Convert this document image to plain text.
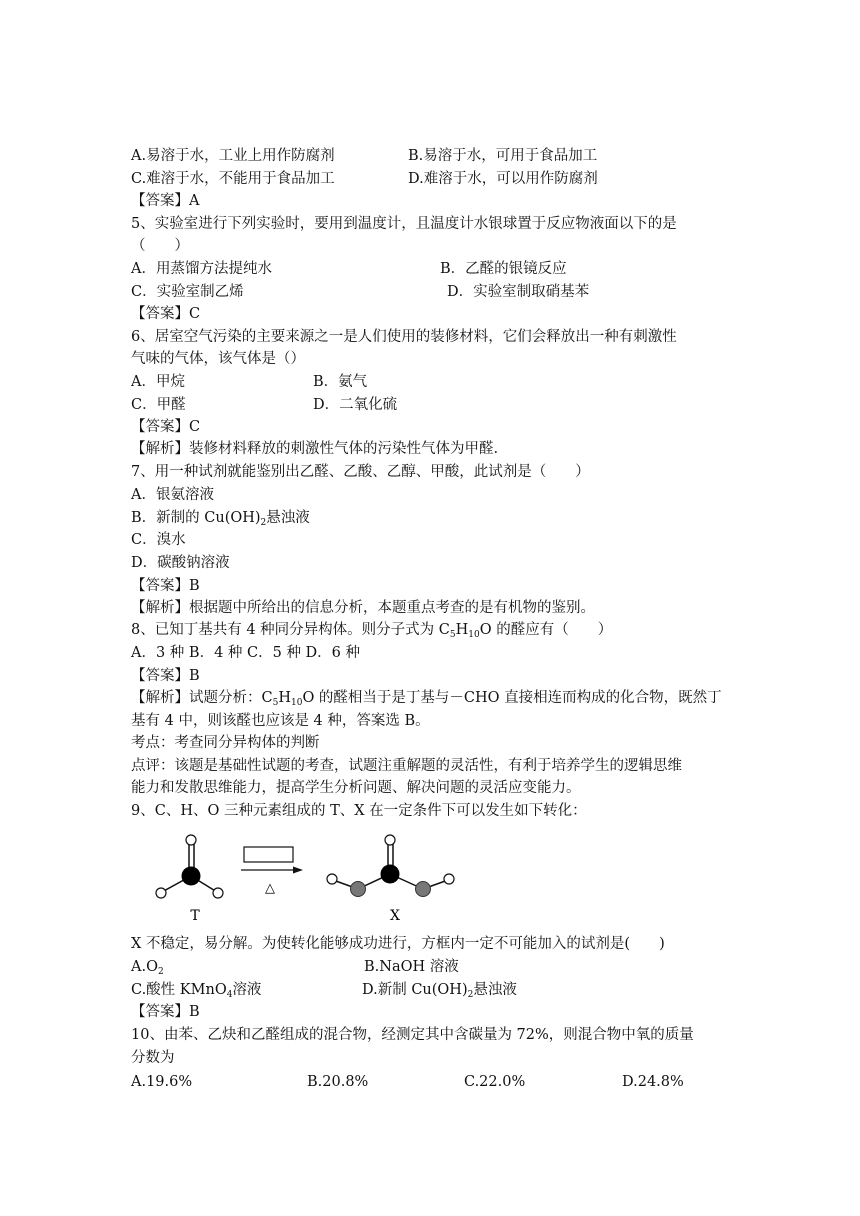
A.易溶于水，工业上用作防腐剂	B.易溶于水，可用于食品加工
C.难溶于水，不能用于食品加工	D.难溶于水，可以用作防腐剂
【答案】A
5、实验室进行下列实验时，要用到温度计，且温度计水银球置于反应物液面以下的是
（　　）
A．用蒸馏方法提纯水	B．乙醛的银镜反应
C．实验室制乙烯	D．实验室制取硝基苯
【答案】C
6、居室空气污染的主要来源之一是人们使用的装修材料，它们会释放出一种有刺激性
气味的气体，该气体是（）
A．甲烷	B．氨气
C．甲醛	D．二氧化硫
【答案】C
【解析】装修材料释放的刺激性气体的污染性气体为甲醛.
7、用一种试剂就能鉴别出乙醛、乙酸、乙醇、甲酸，此试剂是（　　）
A．银氨溶液
B．新制的 $Cu(OH)_2$悬浊液
C．溴水
D．碳酸钠溶液
【答案】B
【解析】根据题中所给出的信息分析，本题重点考查的是有机物的鉴别。
8、已知丁基共有 4 种同分异构体。则分子式为 $C_5H_{10}O$ 的醛应有（　　）
A．3 种 B．4 种 C．5 种 D．6 种
【答案】B
【解析】试题分析：$C_5H_{10}O$ 的醛相当于是丁基与－CHO 直接相连而构成的化合物，既然丁
基有 4 中，则该醛也应该是 4 种，答案选 B。
考点：考查同分异构体的判断
点评：该题是基础性试题的考查，试题注重解题的灵活性，有利于培养学生的逻辑思维
能力和发散思维能力，提高学生分析问题、解决问题的灵活应变能力。
9、C、H、O 三种元素组成的 T、X 在一定条件下可以发生如下转化：
T
△
X
X 不稳定，易分解。为使转化能够成功进行，方框内一定不可能加入的试剂是(　　)
$A.O_2$	B.NaOH 溶液
C.酸性 KMnO$_4$溶液	D.新制 $Cu(OH)_2$悬浊液
【答案】B
10、由苯、乙炔和乙醛组成的混合物，经测定其中含碳量为 72%，则混合物中氧的质量
分数为
A.19.6%	B.20.8%	C.22.0%	D.24.8%
